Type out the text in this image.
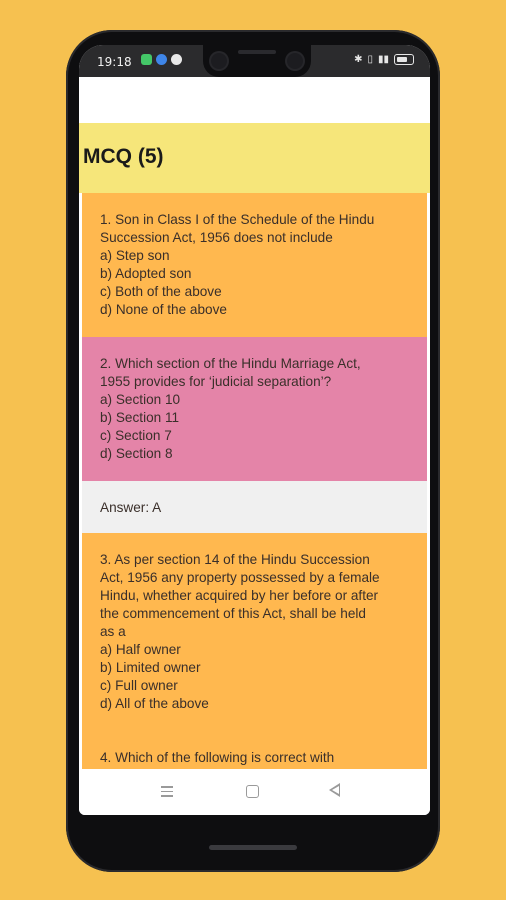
19:18	✱ ▯ ▮▮
MCQ (5)
1. Son in Class I of the Schedule of the Hindu
Succession Act, 1956 does not include
a) Step son
b) Adopted son
c) Both of the above
d) None of the above
2. Which section of the Hindu Marriage Act,
1955 provides for ‘judicial separation’?
a) Section 10
b) Section 11
c) Section 7
d) Section 8
Answer: A
3. As per section 14 of the Hindu Succession
Act, 1956 any property possessed by a female
Hindu, whether acquired by her before or after
the commencement of this Act, shall be held
as a
a) Half owner
b) Limited owner
c) Full owner
d) All of the above
4. Which of the following is correct with
